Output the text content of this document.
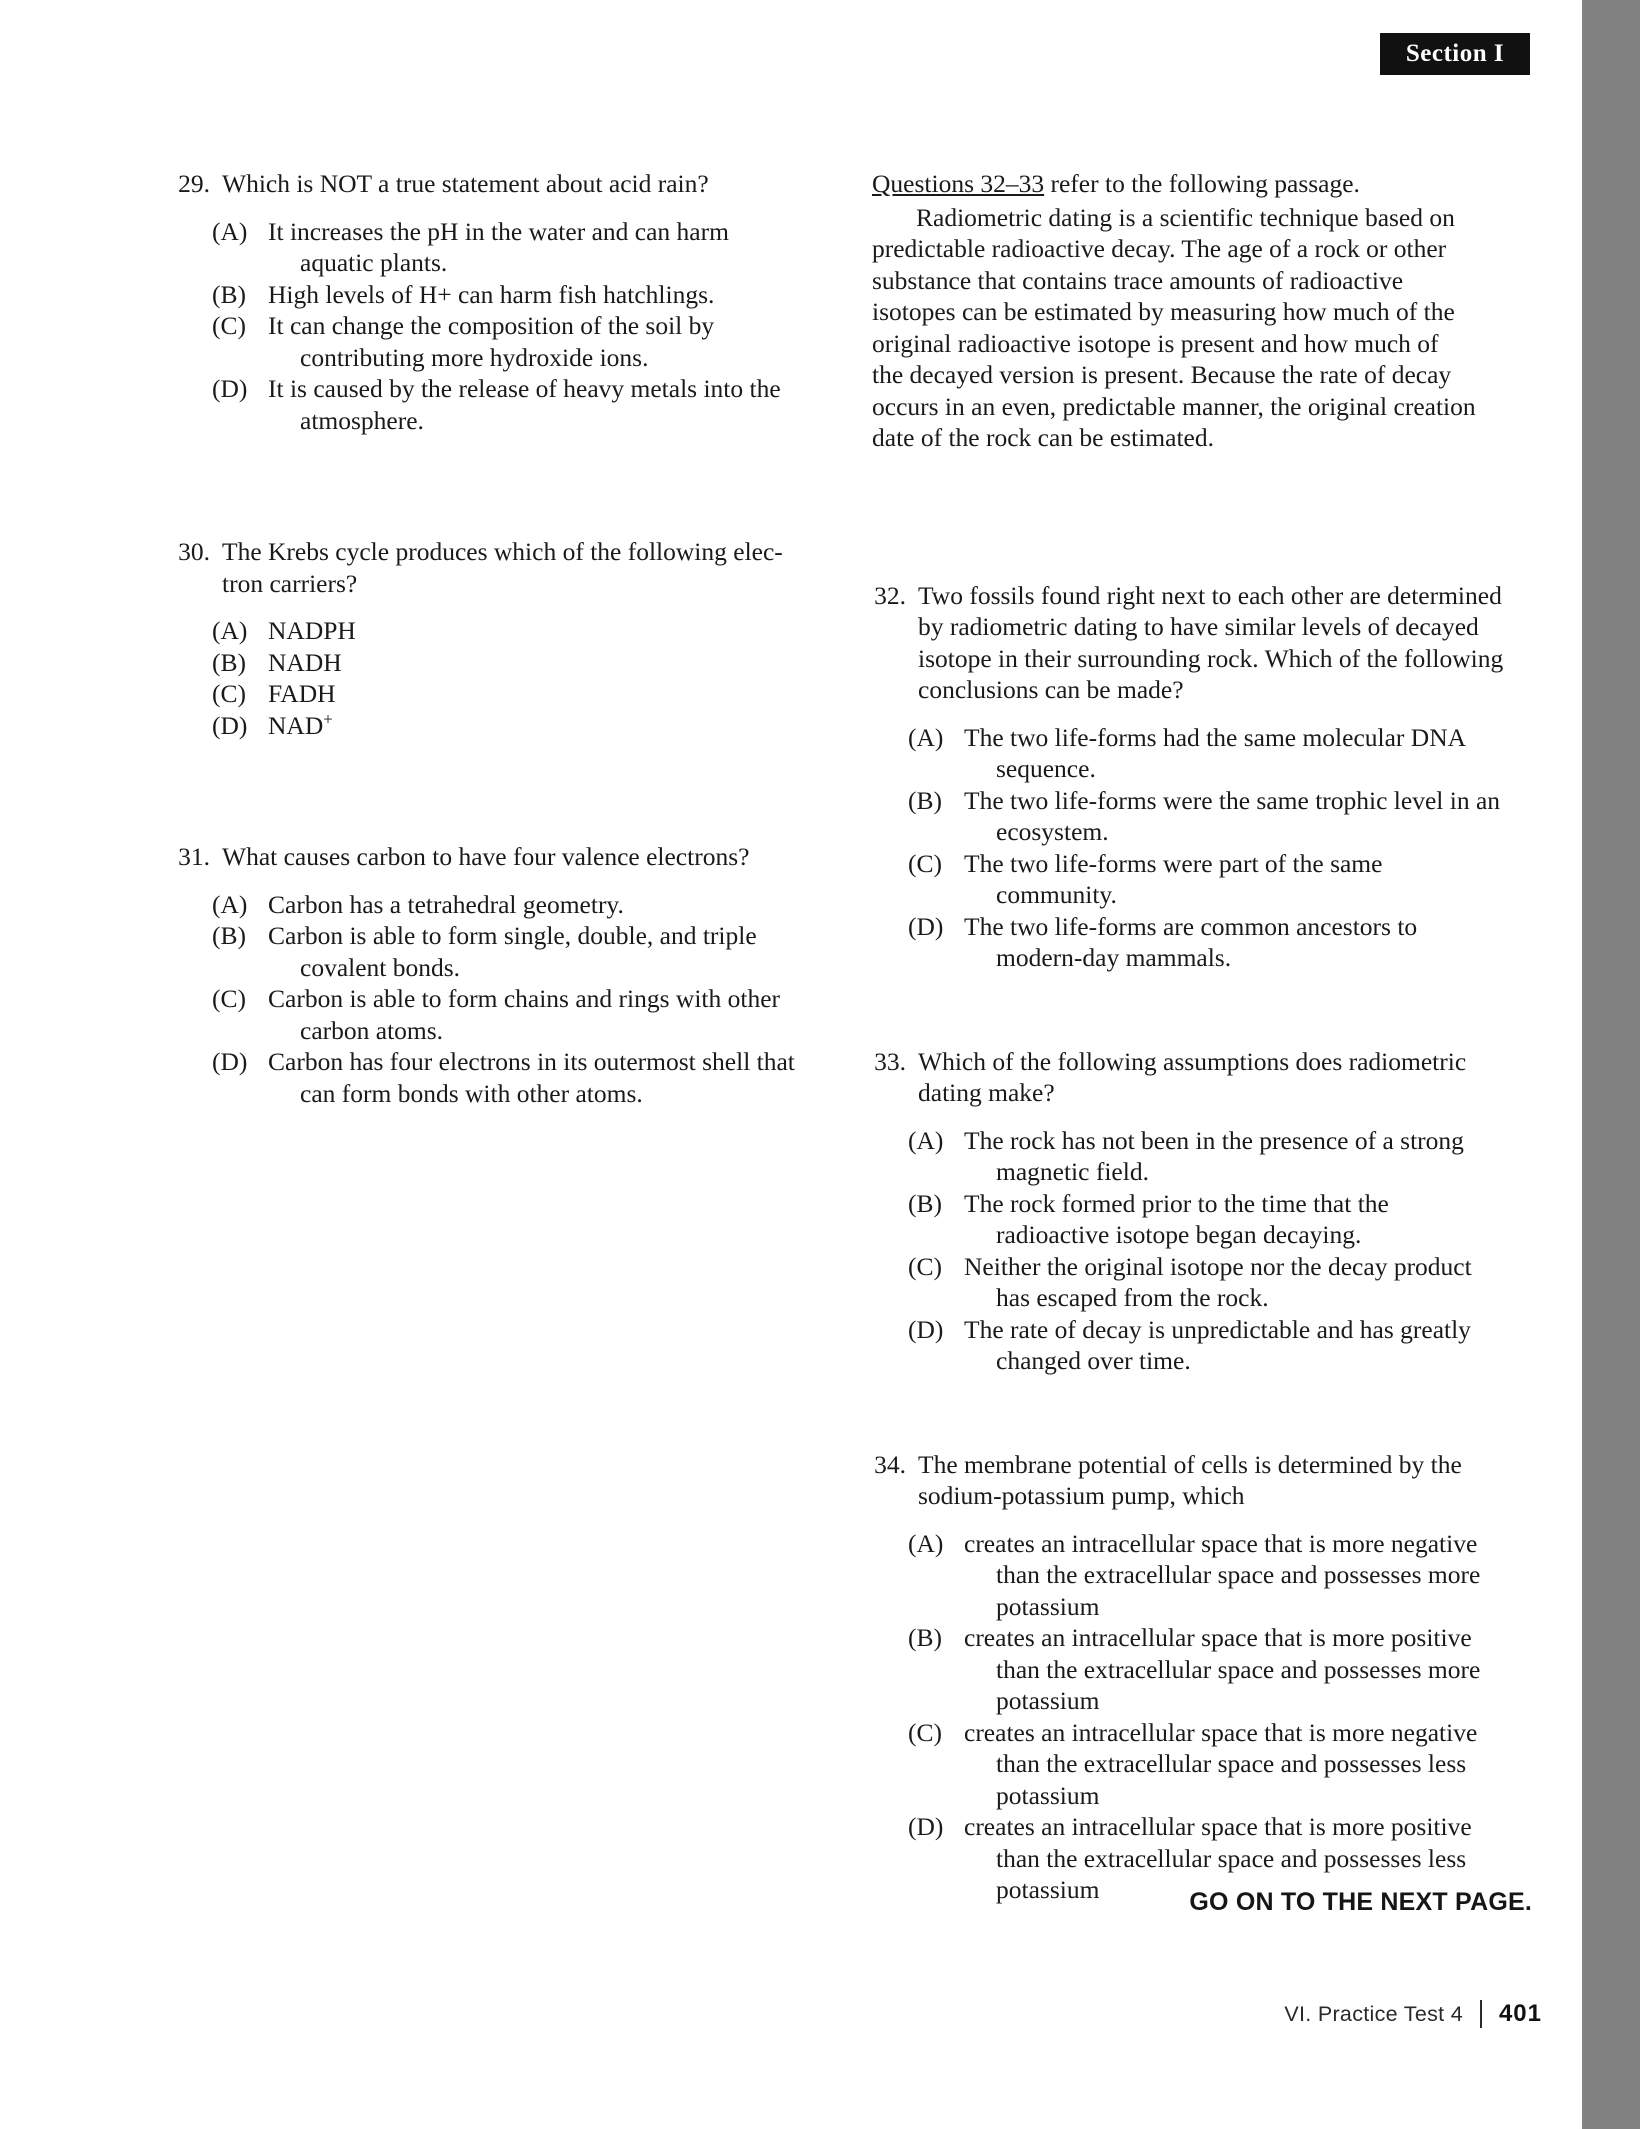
Section I
29. Which is NOT a true statement about acid rain?
(A) It increases the pH in the water and can harm
aquatic plants.
(B) High levels of H+ can harm fish hatchlings.
(C) It can change the composition of the soil by
contributing more hydroxide ions.
(D) It is caused by the release of heavy metals into the
atmosphere.
30. The Krebs cycle produces which of the following elec-
tron carriers?
(A) NADPH
(B) NADH
(C) FADH
(D) NAD+
31. What causes carbon to have four valence electrons?
(A) Carbon has a tetrahedral geometry.
(B) Carbon is able to form single, double, and triple
covalent bonds.
(C) Carbon is able to form chains and rings with other
carbon atoms.
(D) Carbon has four electrons in its outermost shell that
can form bonds with other atoms.
Questions 32–33 refer to the following passage.
Radiometric dating is a scientific technique based on
predictable radioactive decay. The age of a rock or other
substance that contains trace amounts of radioactive
isotopes can be estimated by measuring how much of the
original radioactive isotope is present and how much of
the decayed version is present. Because the rate of decay
occurs in an even, predictable manner, the original creation
date of the rock can be estimated.
32. Two fossils found right next to each other are determined
by radiometric dating to have similar levels of decayed
isotope in their surrounding rock. Which of the following
conclusions can be made?
(A) The two life-forms had the same molecular DNA
sequence.
(B) The two life-forms were the same trophic level in an
ecosystem.
(C) The two life-forms were part of the same
community.
(D) The two life-forms are common ancestors to
modern-day mammals.
33. Which of the following assumptions does radiometric
dating make?
(A) The rock has not been in the presence of a strong
magnetic field.
(B) The rock formed prior to the time that the
radioactive isotope began decaying.
(C) Neither the original isotope nor the decay product
has escaped from the rock.
(D) The rate of decay is unpredictable and has greatly
changed over time.
34. The membrane potential of cells is determined by the
sodium-potassium pump, which
(A) creates an intracellular space that is more negative
than the extracellular space and possesses more
potassium
(B) creates an intracellular space that is more positive
than the extracellular space and possesses more
potassium
(C) creates an intracellular space that is more negative
than the extracellular space and possesses less
potassium
(D) creates an intracellular space that is more positive
than the extracellular space and possesses less
potassium	GO ON TO THE NEXT PAGE.
VI. Practice Test 4 401
